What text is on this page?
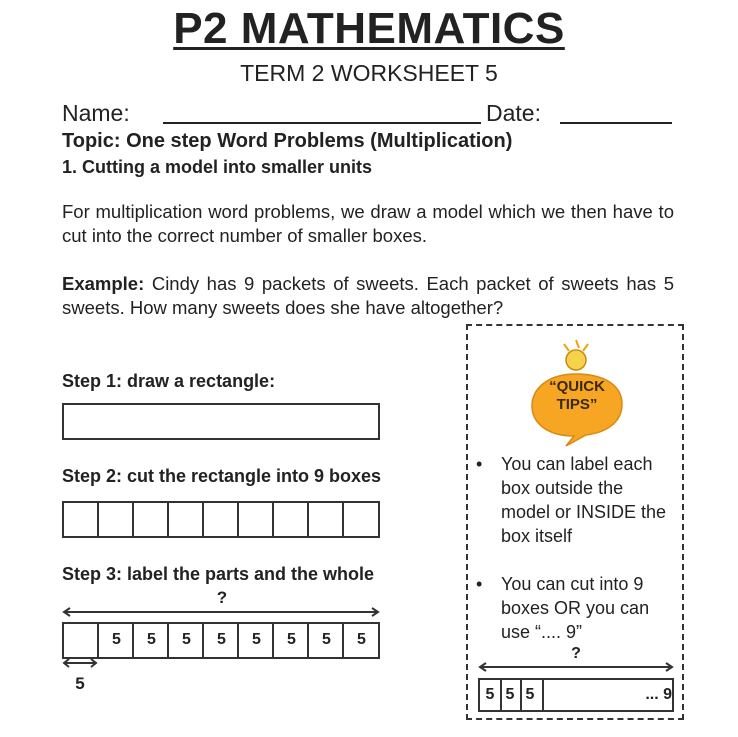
P2 MATHEMATICS
TERM 2 WORKSHEET 5
Name:	Date:
Topic: One step Word Problems (Multiplication)
1. Cutting a model into smaller units
For multiplication word problems, we draw a model which we then have to cut into the correct number of smaller boxes.
Example: Cindy has 9 packets of sweets. Each packet of sweets has 5 sweets. How many sweets does she have altogether?
Step 1: draw a rectangle:
Step 2: cut the rectangle into 9 boxes
Step 3: label the parts and the whole
?
5	5	5	5	5	5	5	5
5
“QUICK
TIPS”
• You can label each box outside the model or INSIDE the box itself
• You can cut into 9 boxes OR you can use “.... 9”
?
5 5 5	... 9
